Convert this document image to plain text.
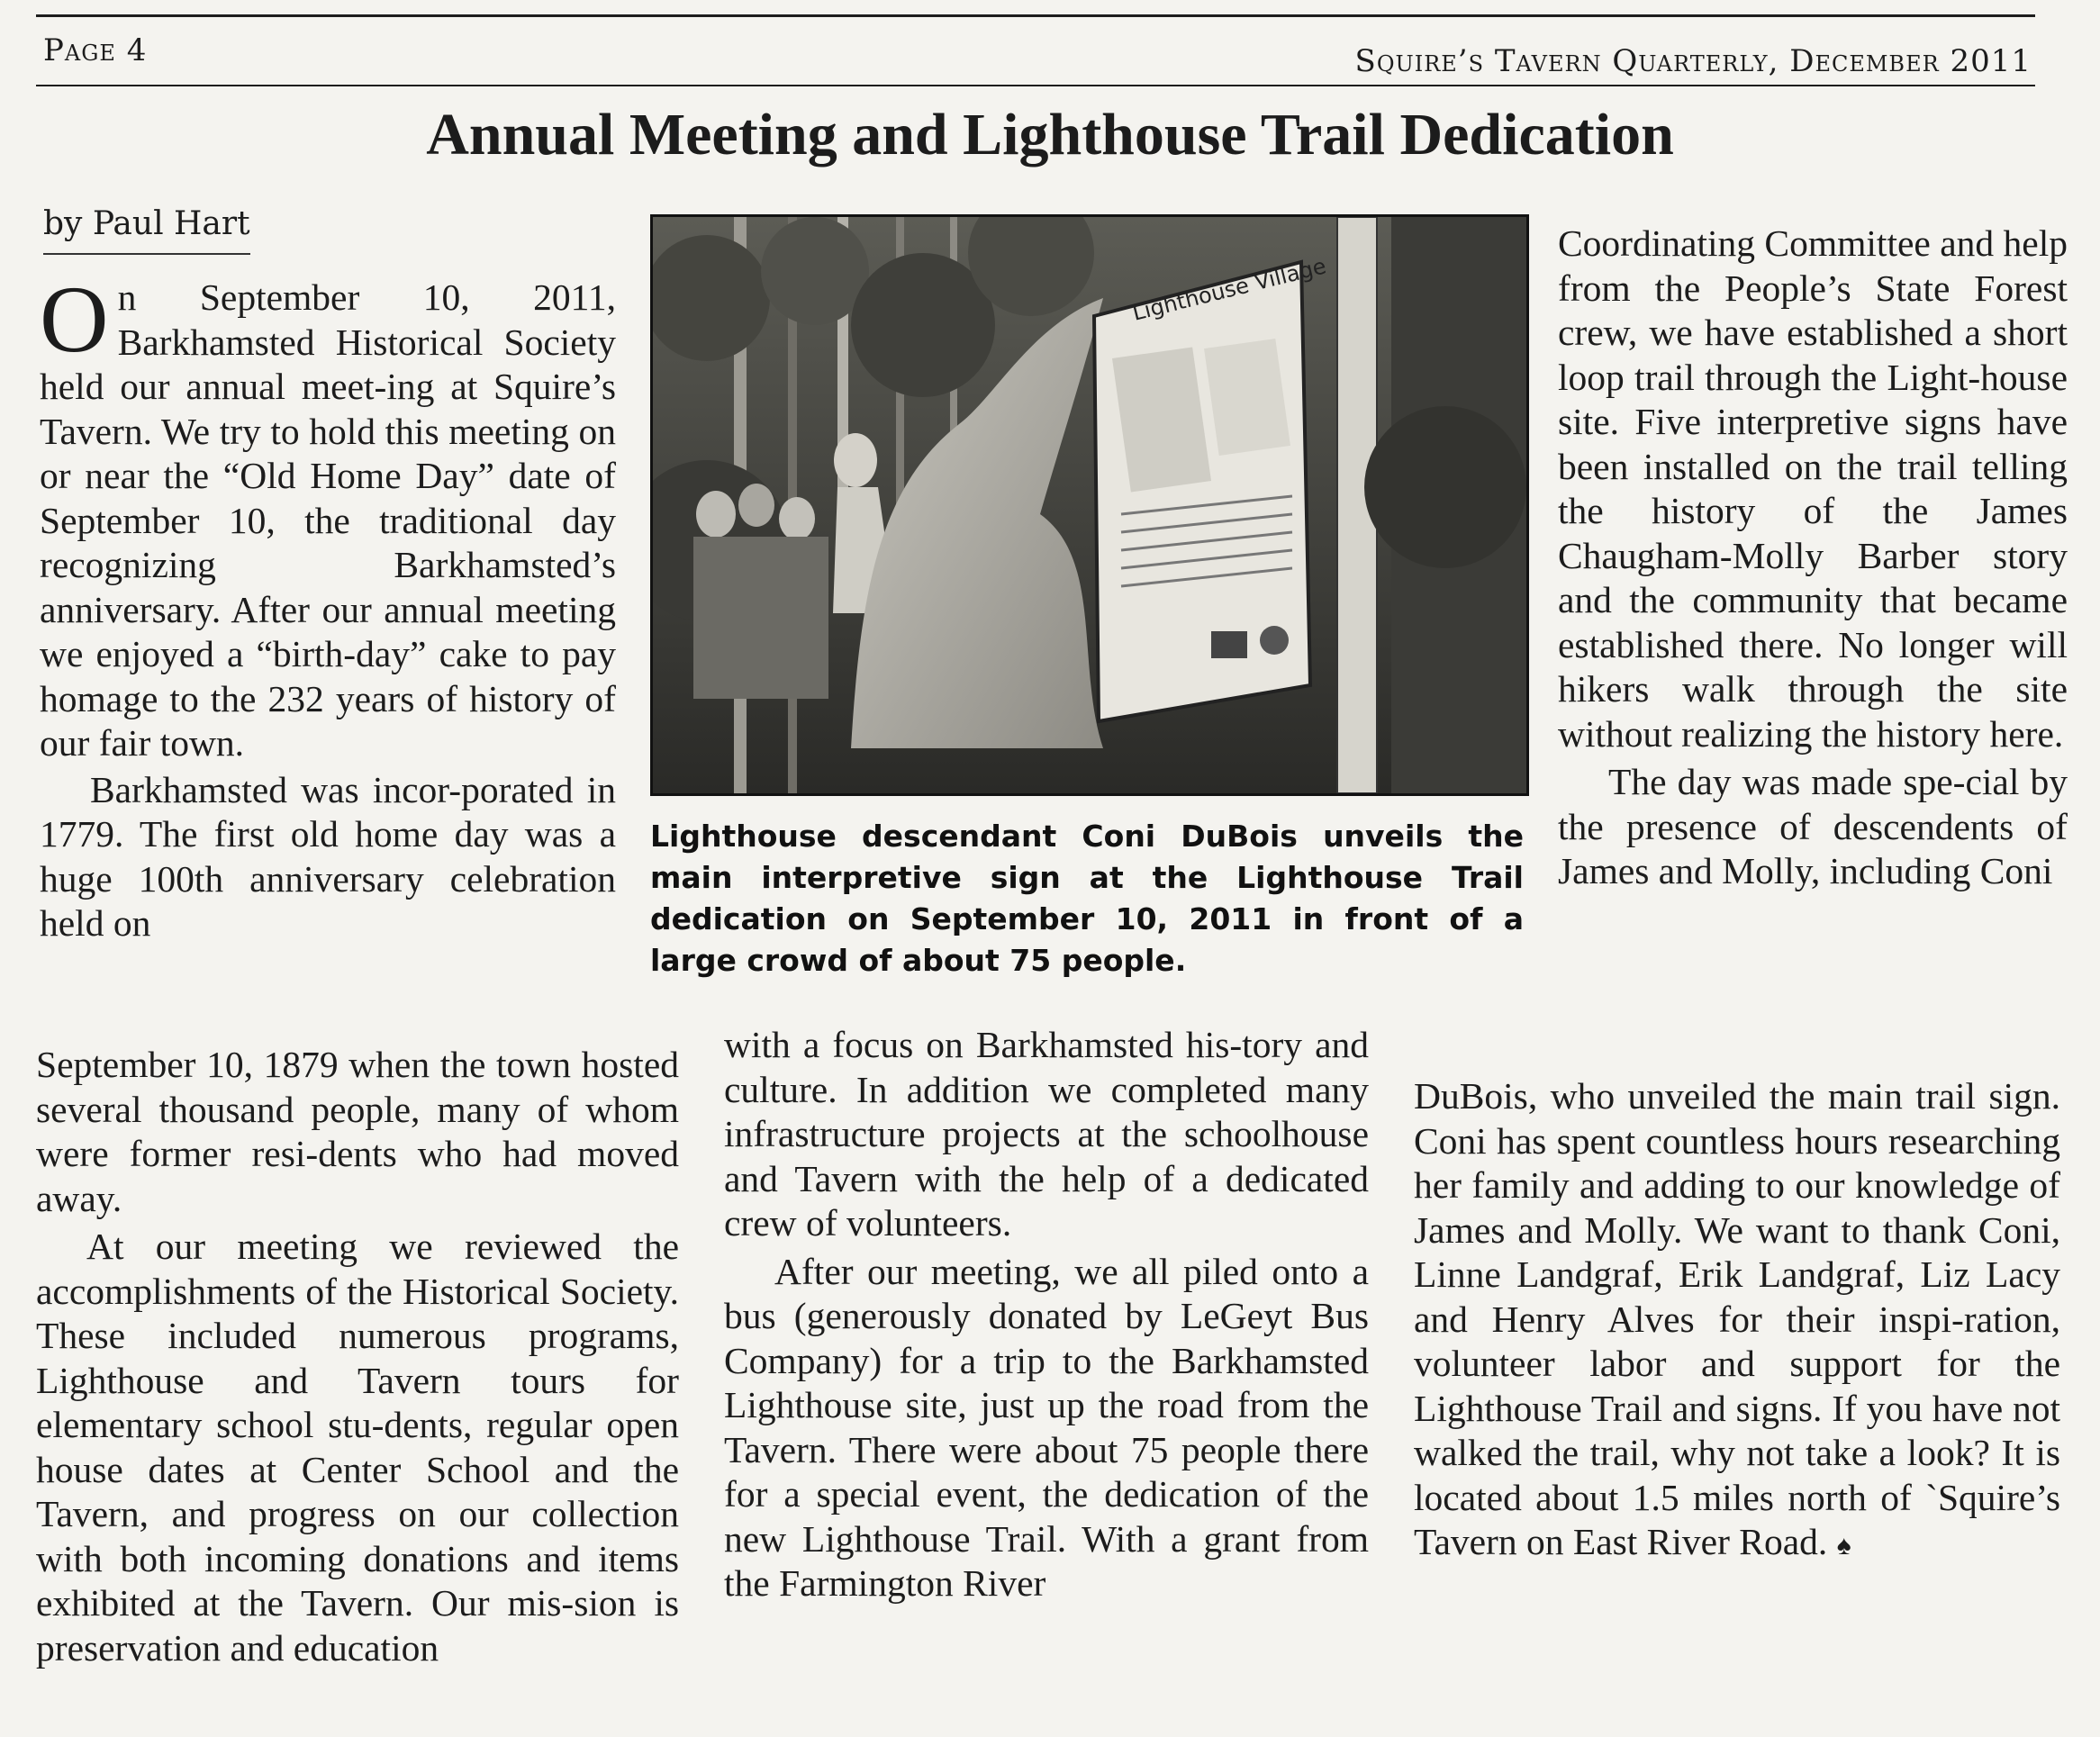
Page 4	Squire’s Tavern Quarterly, December 2011
Annual Meeting and Lighthouse Trail Dedication
by Paul Hart

On September 10, 2011, Barkhamsted Historical Society held our annual meet-ing at Squire’s Tavern. We try to hold this meeting on or near the “Old Home Day” date of September 10, the traditional day recognizing Barkhamsted’s anniversary. After our annual meeting we enjoyed a “birth-day” cake to pay homage to the 232 years of history of our fair town.

Barkhamsted was incor-porated in 1779. The first old home day was a huge 100th anniversary celebration held on

September 10, 1879 when the town hosted several thousand people, many of whom were former resi-dents who had moved away.

At our meeting we reviewed the accomplishments of the Historical Society. These included numerous programs, Lighthouse and Tavern tours for elementary school stu-dents, regular open house dates at Center School and the Tavern, and progress on our collection with both incoming donations and items exhibited at the Tavern. Our mis-sion is preservation and education

Lighthouse Village
Lighthouse descendant Coni DuBois unveils the main interpretive sign at the Lighthouse Trail dedication on September 10, 2011 in front of a large crowd of about 75 people.

with a focus on Barkhamsted his-tory and culture. In addition we completed many infrastructure projects at the schoolhouse and Tavern with the help of a dedicated crew of volunteers.

After our meeting, we all piled onto a bus (generously donated by LeGeyt Bus Company) for a trip to the Barkhamsted Lighthouse site, just up the road from the Tavern. There were about 75 people there for a special event, the dedication of the new Lighthouse Trail. With a grant from the Farmington River

Coordinating Committee and help from the People’s State Forest crew, we have established a short loop trail through the Light-house site. Five interpretive signs have been installed on the trail telling the history of the James Chaugham-Molly Barber story and the community that became established there. No longer will hikers walk through the site without realizing the history here.

The day was made spe-cial by the presence of descendents of James and Molly, including Coni

DuBois, who unveiled the main trail sign. Coni has spent countless hours researching her family and adding to our knowledge of James and Molly. We want to thank Coni, Linne Landgraf, Erik Landgraf, Liz Lacy and Henry Alves for their inspi-ration, volunteer labor and support for the Lighthouse Trail and signs. If you have not walked the trail, why not take a look? It is located about 1.5 miles north of `Squire’s Tavern on East River Road. ♠
